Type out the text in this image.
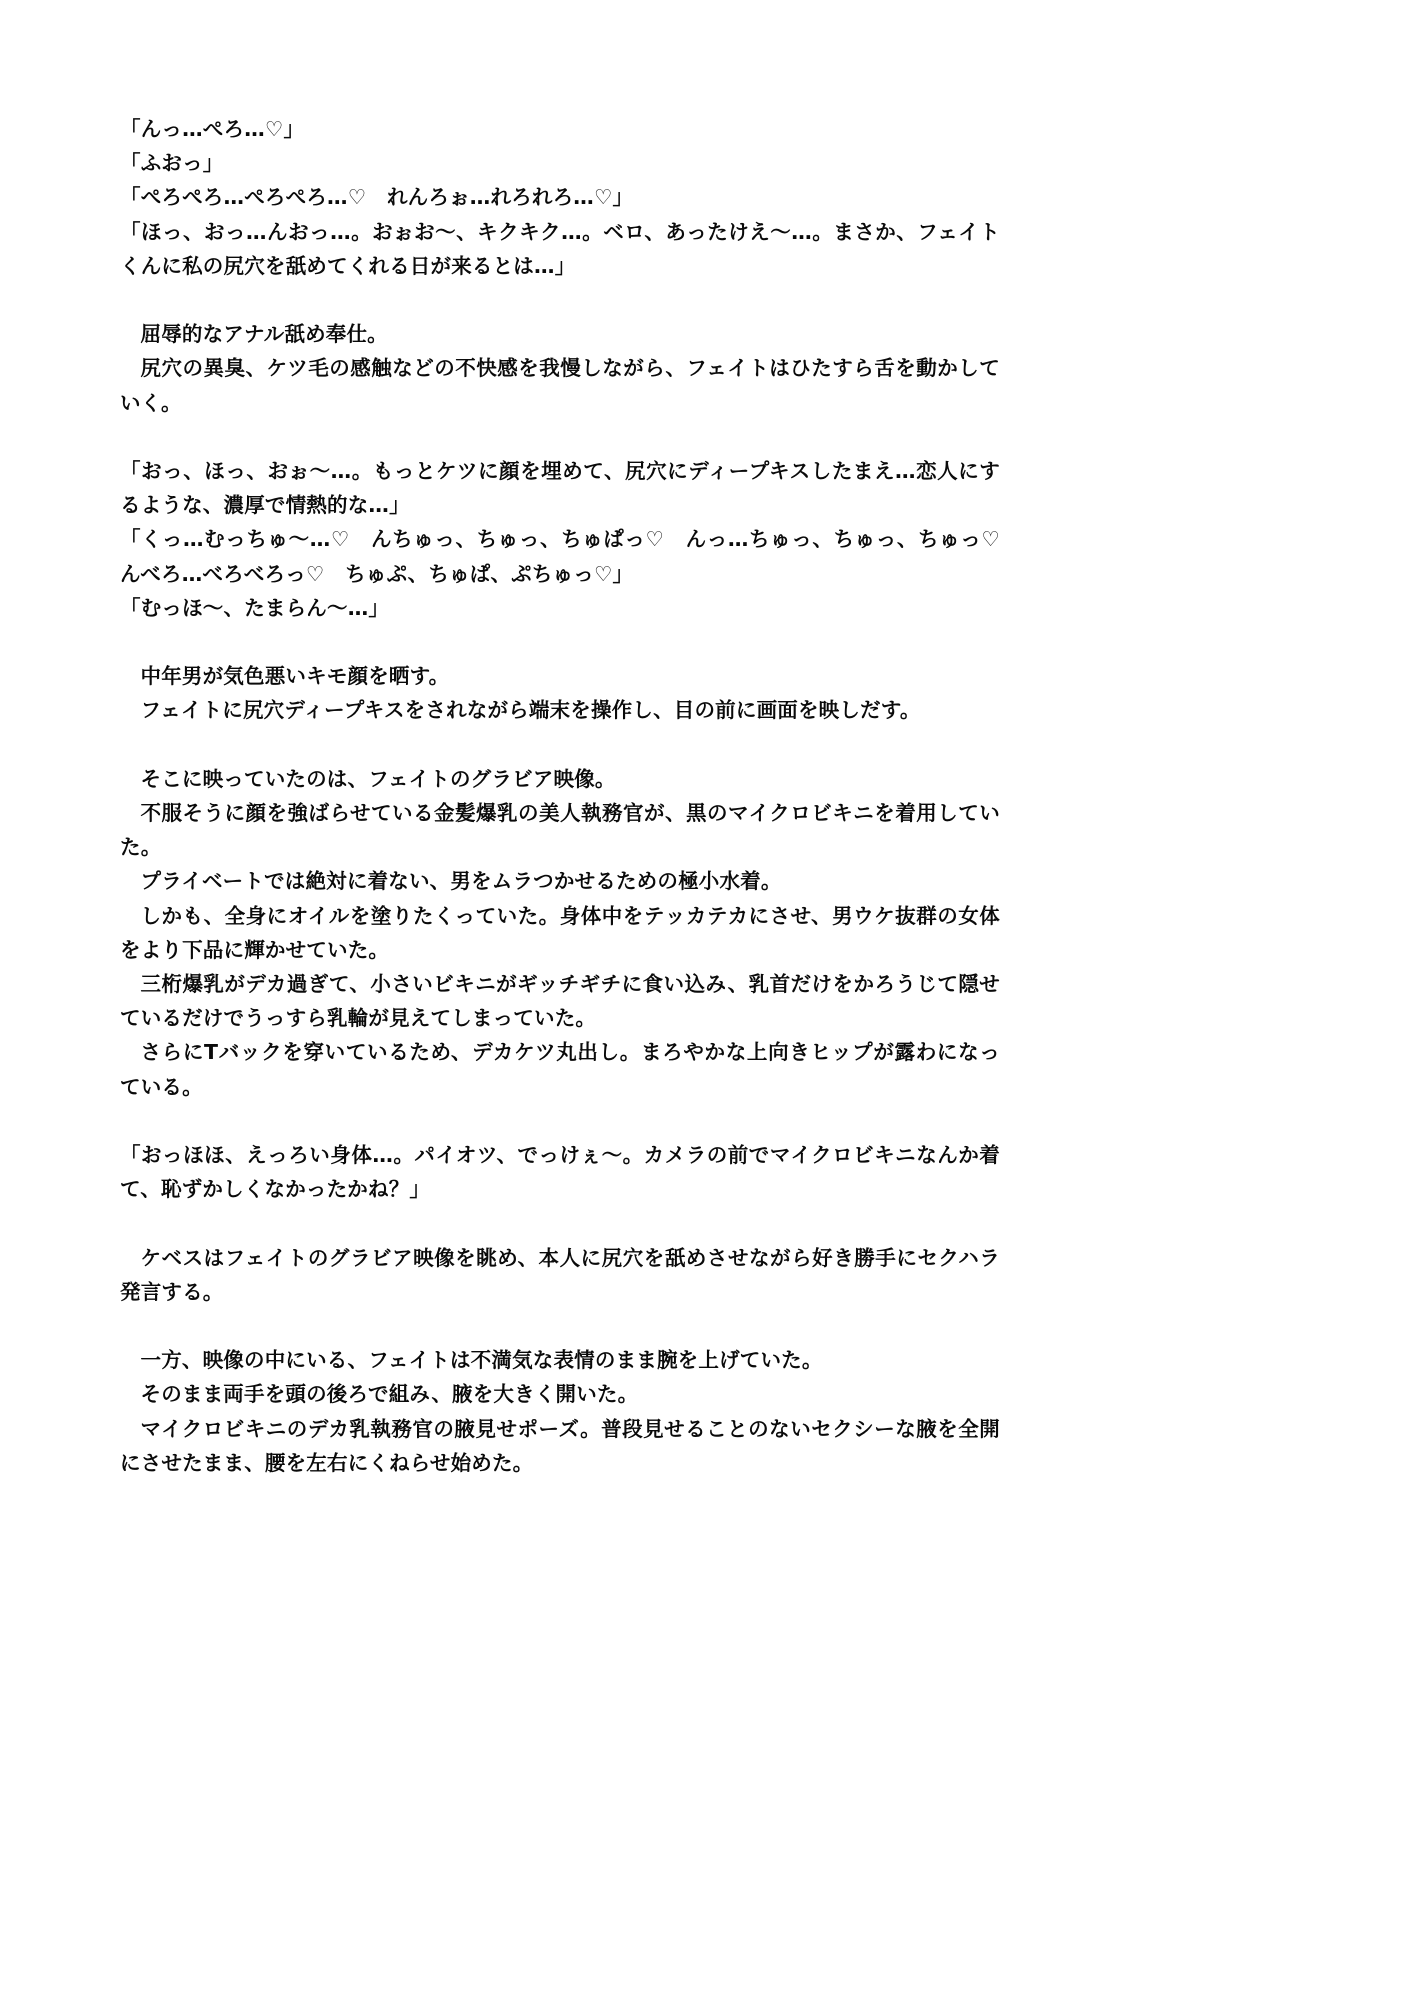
「んっ…ぺろ…♡」

「ふおっ」

「ぺろぺろ…ぺろぺろ…♡　れんろぉ…れろれろ…♡」

「ほっ、おっ…んおっ…。おぉお〜、キクキク…。ベロ、あったけえ〜…。まさか、フェイトくんに私の尻穴を舐めてくれる日が来るとは…」

屈辱的なアナル舐め奉仕。

尻穴の異臭、ケツ毛の感触などの不快感を我慢しながら、フェイトはひたすら舌を動かしていく。

「おっ、ほっ、おぉ〜…。もっとケツに顔を埋めて、尻穴にディープキスしたまえ…恋人にするような、濃厚で情熱的な…」

「くっ…むっちゅ〜…♡　んちゅっ、ちゅっ、ちゅぱっ♡　んっ…ちゅっ、ちゅっ、ちゅっ♡　んべろ…べろべろっ♡　ちゅぷ、ちゅぱ、ぷちゅっ♡」

「むっほ〜、たまらん〜…」

中年男が気色悪いキモ顔を晒す。

フェイトに尻穴ディープキスをされながら端末を操作し、目の前に画面を映しだす。

そこに映っていたのは、フェイトのグラビア映像。

不服そうに顔を強ばらせている金髪爆乳の美人執務官が、黒のマイクロビキニを着用していた。

プライベートでは絶対に着ない、男をムラつかせるための極小水着。

しかも、全身にオイルを塗りたくっていた。身体中をテッカテカにさせ、男ウケ抜群の女体をより下品に輝かせていた。

三桁爆乳がデカ過ぎて、小さいビキニがギッチギチに食い込み、乳首だけをかろうじて隠せているだけでうっすら乳輪が見えてしまっていた。

さらにTバックを穿いているため、デカケツ丸出し。まろやかな上向きヒップが露わになっている。

「おっほほ、えっろい身体…。パイオツ、でっけぇ〜。カメラの前でマイクロビキニなんか着て、恥ずかしくなかったかね？」

ケベスはフェイトのグラビア映像を眺め、本人に尻穴を舐めさせながら好き勝手にセクハラ発言する。

一方、映像の中にいる、フェイトは不満気な表情のまま腕を上げていた。

そのまま両手を頭の後ろで組み、腋を大きく開いた。

マイクロビキニのデカ乳執務官の腋見せポーズ。普段見せることのないセクシーな腋を全開にさせたまま、腰を左右にくねらせ始めた。
